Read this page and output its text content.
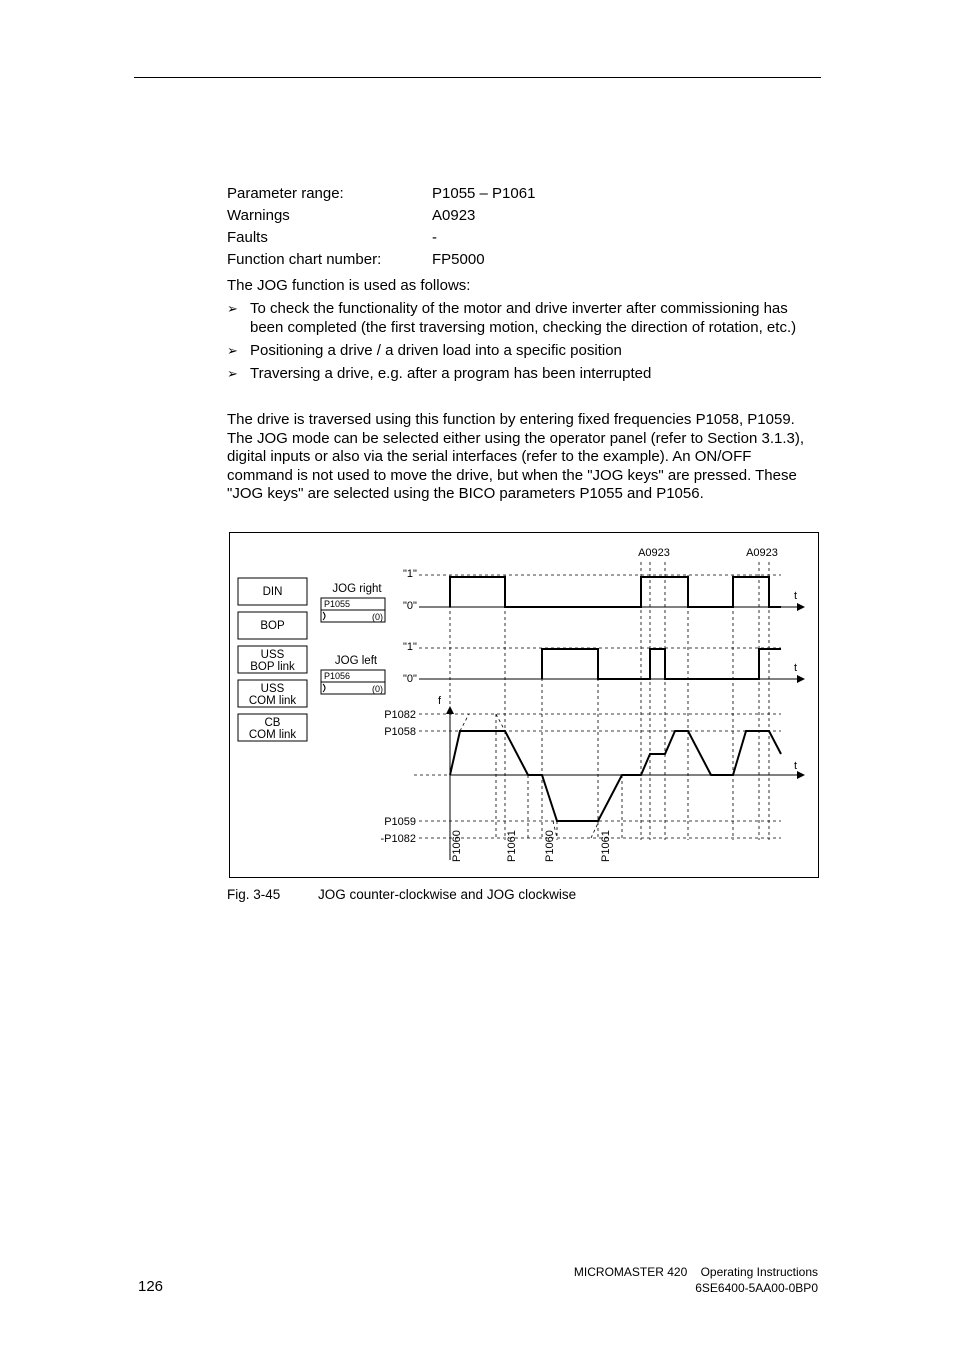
Parameter range:	P1055 – P1061
Warnings	A0923
Faults	-
Function chart number:	FP5000

The JOG function is used as follows:

➢ To check the functionality of the motor and drive inverter after commissioning has been completed (the first traversing motion, checking the direction of rotation, etc.)
➢ Positioning a drive / a driven load into a specific position
➢ Traversing a drive, e.g. after a program has been interrupted

The drive is traversed using this function by entering fixed frequencies P1058, P1059. The JOG mode can be selected either using the operator panel (refer to Section 3.1.3), digital inputs or also via the serial interfaces (refer to the example). An ON/OFF command is not used to move the drive, but when the "JOG keys" are pressed. These "JOG keys" are selected using the BICO parameters P1055 and P1056.

DIN
BOP
USS
BOP link
USS
COM link
CB
COM link
JOG right
P1055
(0)
JOG left
P1056
(0)
"1"
"0"
"1"
"0"
A0923	A0923
t
t
t
f
P1082
P1058
P1059
-P1082	P1060	P1061 P1060	P1061
Fig. 3-45	JOG counter-clockwise and JOG clockwise
126
MICROMASTER 420    Operating Instructions
6SE6400-5AA00-0BP0
